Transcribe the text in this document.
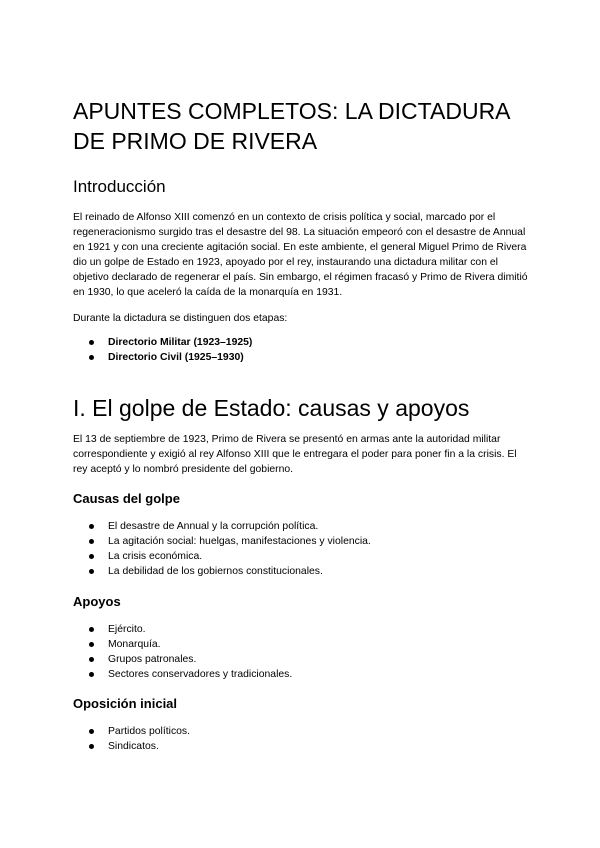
APUNTES COMPLETOS: LA DICTADURA DE PRIMO DE RIVERA
Introducción

El reinado de Alfonso XIII comenzó en un contexto de crisis política y social, marcado por el regeneracionismo surgido tras el desastre del 98. La situación empeoró con el desastre de Annual en 1921 y con una creciente agitación social. En este ambiente, el general Miguel Primo de Rivera dio un golpe de Estado en 1923, apoyado por el rey, instaurando una dictadura militar con el objetivo declarado de regenerar el país. Sin embargo, el régimen fracasó y Primo de Rivera dimitió en 1930, lo que aceleró la caída de la monarquía en 1931.

Durante la dictadura se distinguen dos etapas:

Directorio Militar (1923–1925)
Directorio Civil (1925–1930)
I. El golpe de Estado: causas y apoyos

El 13 de septiembre de 1923, Primo de Rivera se presentó en armas ante la autoridad militar correspondiente y exigió al rey Alfonso XIII que le entregara el poder para poner fin a la crisis. El rey aceptó y lo nombró presidente del gobierno.

Causas del golpe
El desastre de Annual y la corrupción política.
La agitación social: huelgas, manifestaciones y violencia.
La crisis económica.
La debilidad de los gobiernos constitucionales.
Apoyos
Ejército.
Monarquía.
Grupos patronales.
Sectores conservadores y tradicionales.
Oposición inicial
Partidos políticos.
Sindicatos.
